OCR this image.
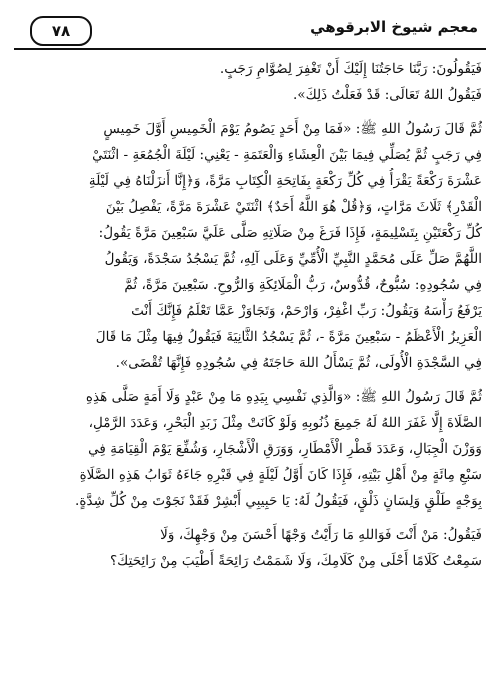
٧٨	معجم شيوخ الابرقوهي
فَيَقُولُونَ: رَبَّنَا حَاجَتُنَا إِلَيْكَ أَنْ تَغْفِرَ لِصُوَّامِ رَجَبٍ.
فَيَقُولُ اللهُ تَعَالَى: قَدْ فَعَلْتُ ذَلِكَ».
ثُمَّ قَالَ رَسُولُ اللهِ ﷺ: «فَمَا مِنْ أَحَدٍ يَصُومُ يَوْمَ الْخَمِيسِ أَوَّلَ خَمِيسٍ
فِي رَجَبٍ ثُمَّ يُصَلِّي فِيمَا بَيْنَ الْعِشَاءِ وَالْعَتَمَةِ - يَعْنِي: لَيْلَةَ الْجُمُعَةِ - اثْنَتَيْ
عَشْرَةَ رَكْعَةً يَقْرَأُ فِي كُلِّ رَكْعَةٍ بِفَاتِحَةِ الْكِتَابِ مَرَّةً، وَ﴿إِنَّا أَنزَلْنَاهُ فِي لَيْلَةِ
الْقَدْرِ﴾ ثَلَاثَ مَرَّاتٍ، وَ﴿قُلْ هُوَ اللَّهُ أَحَدٌ﴾ اثْنَتَيْ عَشْرَةَ مَرَّةً، يَفْصِلُ بَيْنَ
كُلِّ رَكْعَتَيْنِ بِتَسْلِيمَةٍ، فَإِذَا فَرَغَ مِنْ صَلَاتِهِ صَلَّى عَلَيَّ سَبْعِينَ مَرَّةً يَقُولُ:
اللَّهُمَّ صَلِّ عَلَى مُحَمَّدٍ النَّبِيِّ الْأُمِّيِّ وَعَلَى آلِهِ، ثُمَّ يَسْجُدُ سَجْدَةً، وَيَقُولُ
فِي سُجُودِهِ: سُبُّوحٌ، قُدُّوسٌ، رَبُّ الْمَلَائِكَةِ وَالرُّوحِ. سَبْعِينَ مَرَّةً، ثُمَّ
يَرْفَعُ رَأْسَهُ وَيَقُولُ: رَبِّ اغْفِرْ، وَارْحَمْ، وَتَجَاوَزْ عَمَّا تَعْلَمُ فَإِنَّكَ أَنْتَ
الْعَزِيزُ الْأَعْظَمُ - سَبْعِينَ مَرَّةً -، ثُمَّ يَسْجُدُ الثَّانِيَةَ فَيَقُولُ فِيهَا مِثْلَ مَا قَالَ
فِي السَّجْدَةِ الْأُولَى، ثُمَّ يَسْأَلُ اللهَ حَاجَتَهُ فِي سُجُودِهِ فَإِنَّهَا تُقْضَى».
ثُمَّ قَالَ رَسُولُ اللهِ ﷺ: «وَالَّذِي نَفْسِي بِيَدِهِ مَا مِنْ عَبْدٍ وَلَا أَمَةٍ صَلَّى هَذِهِ
الصَّلَاةَ إِلَّا غَفَرَ اللهُ لَهُ جَمِيعَ ذُنُوبِهِ وَلَوْ كَانَتْ مِثْلَ زَبَدِ الْبَحْرِ، وَعَدَدَ الرَّمْلِ،
وَوَزْنَ الْجِبَالِ، وَعَدَدَ قَطْرِ الْأَمْطَارِ، وَوَرَقِ الْأَشْجَارِ، وَشُفِّعَ يَوْمَ الْقِيَامَةِ فِي
سَبْعِ مِائَةٍ مِنْ أَهْلِ بَيْتِهِ، فَإِذَا كَانَ أَوَّلُ لَيْلَةٍ فِي قَبْرِهِ جَاءَهُ ثَوَابُ هَذِهِ الصَّلَاةِ
بِوَجْهٍ طَلْقٍ وَلِسَانٍ ذَلْقٍ، فَيَقُولُ لَهُ: يَا حَبِيبِي أَبْشِرْ فَقَدْ نَجَوْتَ مِنْ كُلِّ شِدَّةٍ.
فَيَقُولُ: مَنْ أَنْتَ فَوَاللهِ مَا رَأَيْتُ وَجْهًا أَحْسَنَ مِنْ وَجْهِكَ، وَلَا
سَمِعْتُ كَلَامًا أَحْلَى مِنْ كَلَامِكَ، وَلَا شَمَمْتُ رَائِحَةً أَطْيَبَ مِنْ رَائِحَتِكَ؟
